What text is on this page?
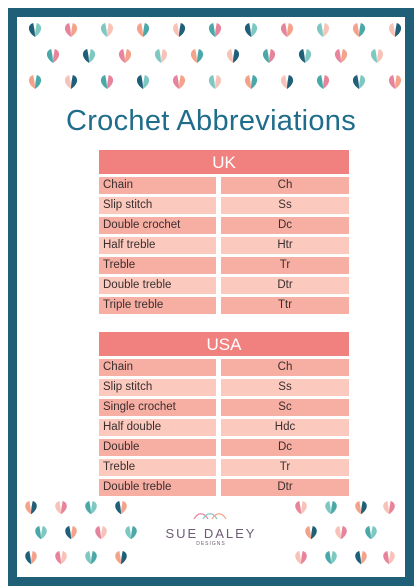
Crochet Abbreviations
UK
Chain	Ch
Slip stitch	Ss
Double crochet	Dc
Half treble	Htr
Treble	Tr
Double treble	Dtr
Triple treble	Ttr
USA
Chain	Ch
Slip stitch	Ss
Single crochet	Sc
Half double	Hdc
Double	Dc
Treble	Tr
Double treble	Dtr
SUE DALEY
DESIGNS
